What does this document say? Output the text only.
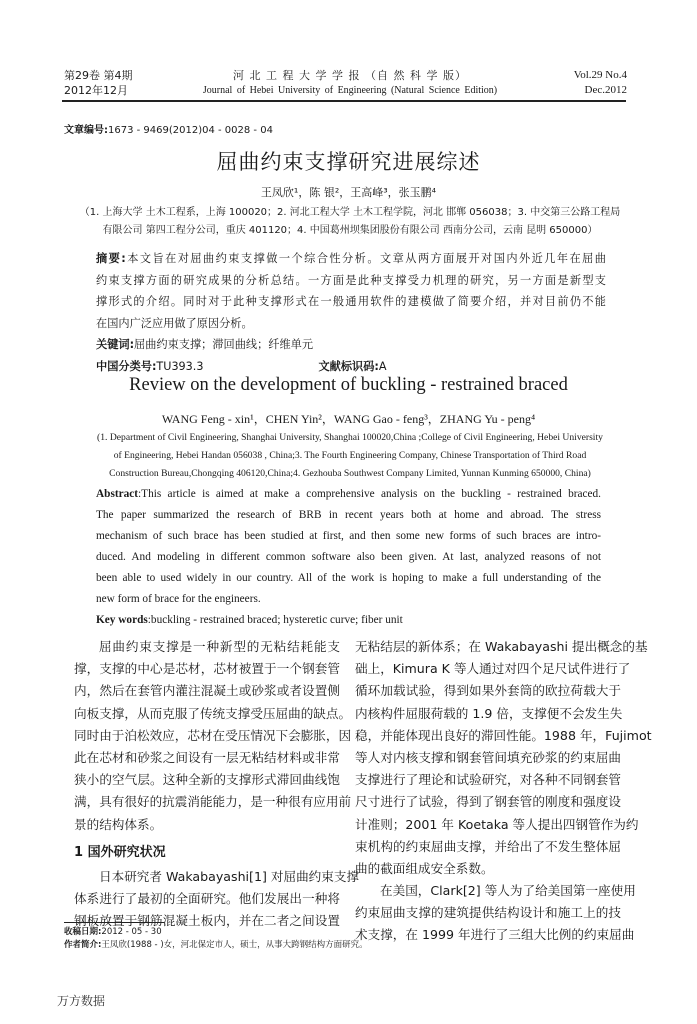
第29卷 第4期
2012年12月
河 北 工 程 大 学 学 报 （自 然 科 学 版）
Journal of Hebei University of Engineering (Natural Science Edition)
Vol.29 No.4
Dec.2012
文章编号:1673 - 9469(2012)04 - 0028 - 04
屈曲约束支撑研究进展综述
王凤欣¹，陈 银²，王高峰³，张玉鹏⁴
（1. 上海大学 土木工程系，上海 100020；2. 河北工程大学 土木工程学院，河北 邯郸 056038；3. 中交第三公路工程局
有限公司 第四工程分公司，重庆 401120；4. 中国葛州坝集团股份有限公司 西南分公司，云南 昆明 650000）
摘要:本文旨在对屈曲约束支撑做一个综合性分析。文章从两方面展开对国内外近几年在屈曲
约束支撑方面的研究成果的分析总结。一方面是此种支撑受力机理的研究，另一方面是新型支
撑形式的介绍。同时对于此种支撑形式在一般通用软件的建模做了简要介绍，并对目前仍不能
在国内广泛应用做了原因分析。
关键词:屈曲约束支撑；滞回曲线；纤维单元
中国分类号:TU393.3	文献标识码:A
Review on the development of buckling - restrained braced
WANG Feng - xin¹，CHEN Yin²，WANG Gao - feng³，ZHANG Yu - peng⁴
(1. Department of Civil Engineering, Shanghai University, Shanghai 100020,China ;College of Civil Engineering, Hebei University
of Engineering, Hebei Handan 056038 , China;3. The Fourth Engineering Company, Chinese Transportation of Third Road
Construction Bureau,Chongqing 406120,China;4. Gezhouba Southwest Company Limited, Yunnan Kunming 650000, China)
Abstract:This article is aimed at make a comprehensive analysis on the buckling - restrained braced.
The paper summarized the research of BRB in recent years both at home and abroad. The stress
mechanism of such brace has been studied at first, and then some new forms of such braces are intro-
duced. And modeling in different common software also been given. At last, analyzed reasons of not
been able to used widely in our country. All of the work is hoping to make a full understanding of the
new form of brace for the engineers.
Key words:buckling - restrained braced; hysteretic curve; fiber unit
屈曲约束支撑是一种新型的无粘结耗能支
撑，支撑的中心是芯材，芯材被置于一个钢套管
内，然后在套管内灌注混凝土或砂浆或者设置侧
向板支撑，从而克服了传统支撑受压屈曲的缺点。
同时由于泊松效应，芯材在受压情况下会膨胀，因
此在芯材和砂浆之间设有一层无粘结材料或非常
狭小的空气层。这种全新的支撑形式滞回曲线饱
满，具有很好的抗震消能能力，是一种很有应用前
景的结构体系。
1 国外研究状况
日本研究者 Wakabayashi[1] 对屈曲约束支撑
体系进行了最初的全面研究。他们发展出一种将
钢板放置于钢筋混凝土板内，并在二者之间设置
无粘结层的新体系；在 Wakabayashi 提出概念的基
础上，Kimura K 等人通过对四个足尺试件进行了
循环加载试验，得到如果外套筒的欧拉荷载大于
内核构件屈服荷载的 1.9 倍，支撑便不会发生失
稳，并能体现出良好的滞回性能。1988 年，Fujimot
等人对内核支撑和钢套管间填充砂浆的约束屈曲
支撑进行了理论和试验研究，对各种不同钢套管
尺寸进行了试验，得到了钢套管的刚度和强度设
计准则；2001 年 Koetaka 等人提出四钢管作为约
束机构的约束屈曲支撑，并给出了不发生整体屈
曲的截面组成安全系数。
在美国，Clark[2] 等人为了给美国第一座使用
约束屈曲支撑的建筑提供结构设计和施工上的技
术支撑，在 1999 年进行了三组大比例的约束屈曲
收稿日期:2012 - 05 - 30
作者简介:王凤欣(1988 - )女，河北保定市人，硕士，从事大跨钢结构方面研究。
万方数据
